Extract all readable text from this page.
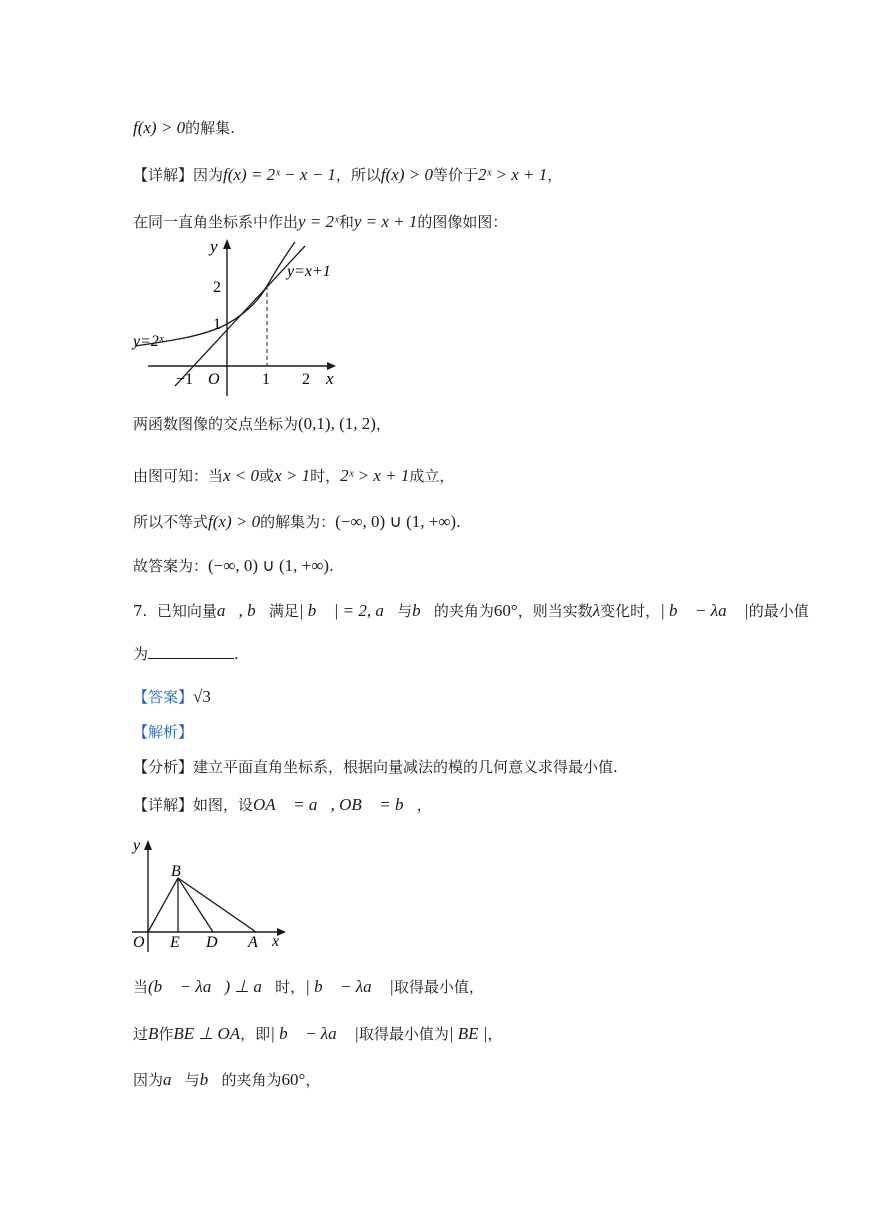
f(x) > 0的解集.
【详解】因为f(x) = 2ˣ − x − 1，所以f(x) > 0等价于2ˣ > x + 1，
在同一直角坐标系中作出y = 2ˣ和y = x + 1的图像如图：
y
x
O
−1	1 2
1
2
y=2ˣ
y=x+1
两函数图像的交点坐标为(0,1), (1, 2)，
由图可知：当x < 0或x > 1时，2ˣ > x + 1成立，
所以不等式f(x) > 0的解集为：(−∞, 0) ∪ (1, +∞).
故答案为：(−∞, 0) ∪ (1, +∞).
7. 已知向量a⃗, b⃗满足| b⃗ | = 2, a⃗与b⃗的夹角为60°，则当实数λ变化时，| b⃗ − λa⃗ |的最小值
为	.
【答案】√3
【解析】
【分析】建立平面直角坐标系，根据向量减法的模的几何意义求得最小值.
【详解】如图，设OA⃗ = a⃗, OB⃗ = b⃗，
y
x
O
B
E D A
当(b⃗ − λa⃗) ⊥ a⃗时，| b⃗ − λa⃗ |取得最小值，
过B作BE ⊥ OA，即| b⃗ − λa⃗ |取得最小值为| BE |，
因为a⃗与b⃗的夹角为60°，
